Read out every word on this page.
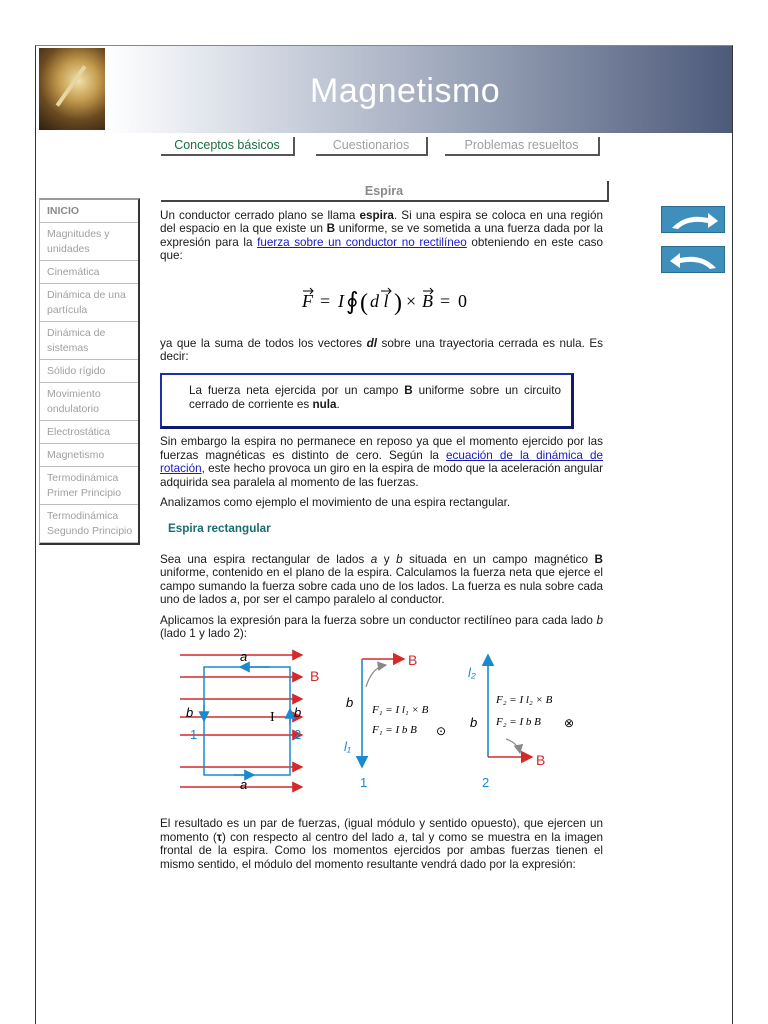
Magnetismo
Conceptos básicos	Cuestionarios	Problemas resueltos
INICIO
Magnitudes y unidades
Cinemática
Dinámica de una partícula
Dinámica de sistemas
Sólido rígido
Movimiento ondulatorio
Electrostática
Magnetismo
Termodinámica Primer Principio
Termodinámica Segundo Principio
Espira

Un conductor cerrado plano se llama espira. Si una espira se coloca en una región del espacio en la que existe un B uniforme, se ve sometida a una fuerza dada por la expresión para la fuerza sobre un conductor no rectilíneo obteniendo en este caso que:

F = I ∮ ( d l ) × B = 0

ya que la suma de todos los vectores dl sobre una trayectoria cerrada es nula. Es decir:

La fuerza neta ejercida por un campo B uniforme sobre un circuito cerrado de corriente es nula.

Sin embargo la espira no permanece en reposo ya que el momento ejercido por las fuerzas magnéticas es distinto de cero. Según la ecuación de la dinámica de rotación, este hecho provoca un giro en la espira de modo que la aceleración angular adquirida sea paralela al momento de las fuerzas.

Analizamos como ejemplo el movimiento de una espira rectangular.

Espira rectangular

Sea una espira rectangular de lados a y b situada en un campo magnético B uniforme, contenido en el plano de la espira. Calculamos la fuerza neta que ejerce el campo sumando la fuerza sobre cada uno de los lados. La fuerza es nula sobre cada uno de lados a, por ser el campo paralelo al conductor.

Aplicamos la expresión para la fuerza sobre un conductor rectilíneo para cada lado b (lado 1 y lado 2):

a
a
b	b
I
1	2
B
B
b
l₁
1
F₁ = I l₁ × B
F₁ = I b B ⊙
B
l₂
b
2
F₂ = I l₂ × B
F₂ = I b B ⊗

El resultado es un par de fuerzas, (igual módulo y sentido opuesto), que ejercen un momento (τ) con respecto al centro del lado a, tal y como se muestra en la imagen frontal de la espira. Como los momentos ejercidos por ambas fuerzas tienen el mismo sentido, el módulo del momento resultante vendrá dado por la expresión:
